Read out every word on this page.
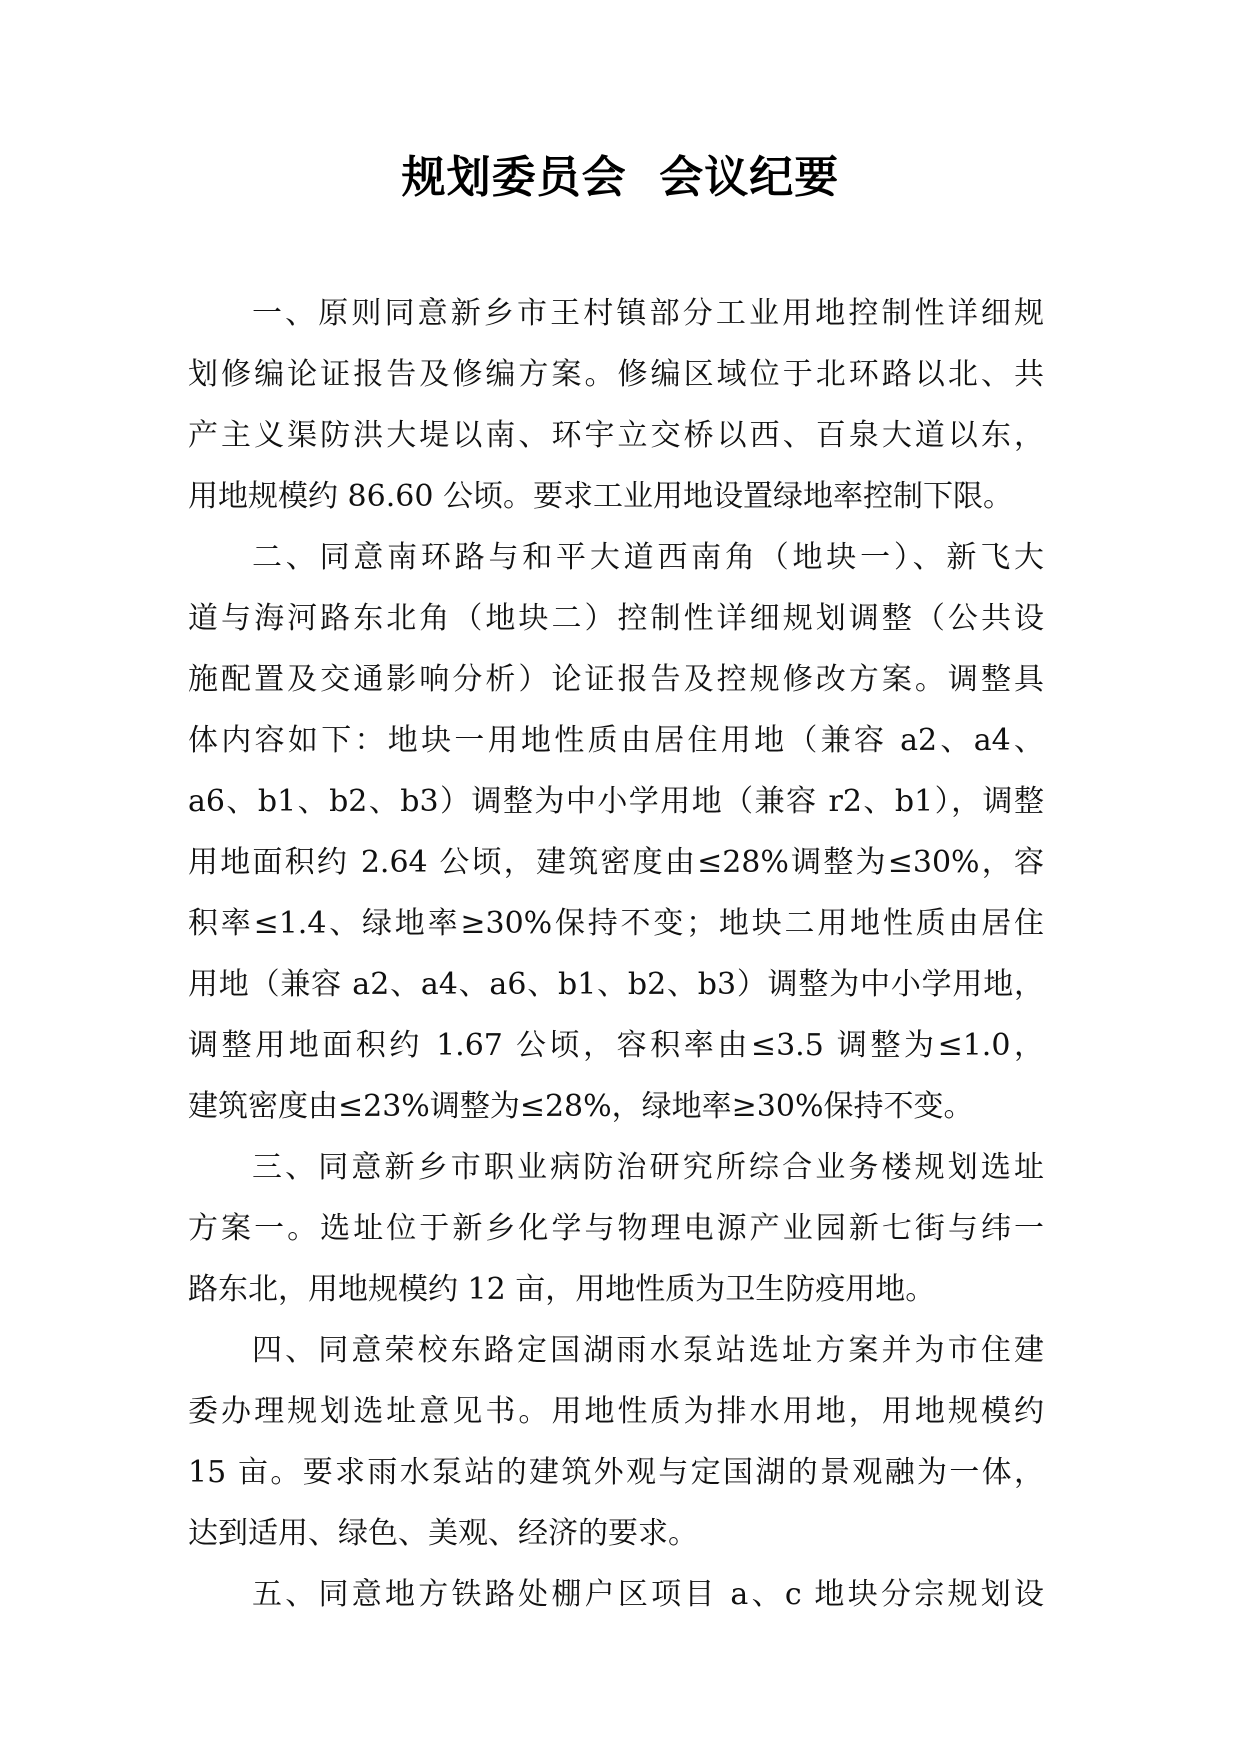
规划委员会  会议纪要
一、原则同意新乡市王村镇部分工业用地控制性详细规
划修编论证报告及修编方案。修编区域位于北环路以北、共
产主义渠防洪大堤以南、环宇立交桥以西、百泉大道以东，
用地规模约 86.60 公顷。要求工业用地设置绿地率控制下限。
二、同意南环路与和平大道西南角（地块一）、新飞大
道与海河路东北角（地块二）控制性详细规划调整（公共设
施配置及交通影响分析）论证报告及控规修改方案。调整具
体内容如下：地块一用地性质由居住用地（兼容 a2、a4、
a6、b1、b2、b3）调整为中小学用地（兼容 r2、b1），调整
用地面积约 2.64 公顷，建筑密度由≤28%调整为≤30%，容
积率≤1.4、绿地率≥30%保持不变；地块二用地性质由居住
用地（兼容 a2、a4、a6、b1、b2、b3）调整为中小学用地，
调整用地面积约 1.67 公顷，容积率由≤3.5 调整为≤1.0，
建筑密度由≤23%调整为≤28%，绿地率≥30%保持不变。
三、同意新乡市职业病防治研究所综合业务楼规划选址
方案一。选址位于新乡化学与物理电源产业园新七街与纬一
路东北，用地规模约 12 亩，用地性质为卫生防疫用地。
四、同意荣校东路定国湖雨水泵站选址方案并为市住建
委办理规划选址意见书。用地性质为排水用地，用地规模约
15 亩。要求雨水泵站的建筑外观与定国湖的景观融为一体，
达到适用、绿色、美观、经济的要求。
五、同意地方铁路处棚户区项目 a、c 地块分宗规划设
